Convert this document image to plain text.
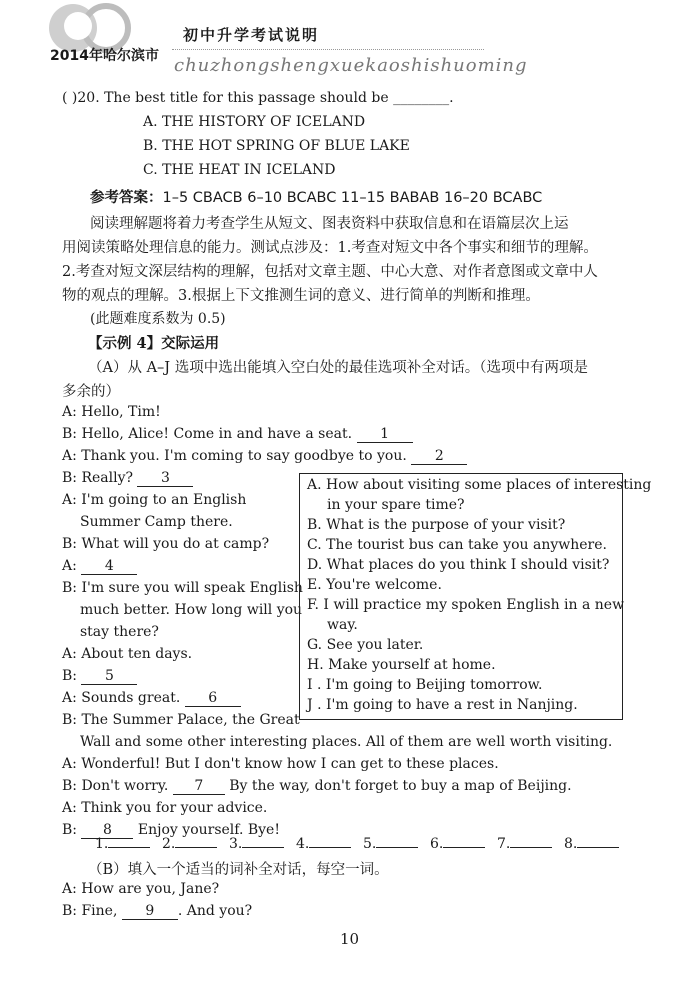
2014年哈尔滨市
初中升学考试说明
chuzhongshengxuekaoshishuoming
( )20. The best title for this passage should be ________.
A. THE HISTORY OF ICELAND
B. THE HOT SPRING OF BLUE LAKE
C. THE HEAT IN ICELAND
参考答案：1–5 CBACB 6–10 BCABC 11–15 BABAB 16–20 BCABC
阅读理解题将着力考查学生从短文、图表资料中获取信息和在语篇层次上运
用阅读策略处理信息的能力。测试点涉及：1.考查对短文中各个事实和细节的理解。
2.考查对短文深层结构的理解，包括对文章主题、中心大意、对作者意图或文章中人
物的观点的理解。3.根据上下文推测生词的意义、进行简单的判断和推理。
(此题难度系数为 0.5)
【示例 4】交际运用
（A）从 A–J 选项中选出能填入空白处的最佳选项补全对话。（选项中有两项是
多余的）
A: Hello, Tim!
B: Hello, Alice! Come in and have a seat. 1
A: Thank you. I'm coming to say goodbye to you. 2
B: Really? 3
A: I'm going to an English
Summer Camp there.
B: What will you do at camp?
A: 4
B: I'm sure you will speak English
much better. How long will you
stay there?
A: About ten days.
B: 5
A: Sounds great. 6
B: The Summer Palace, the Great
Wall and some other interesting places. All of them are well worth visiting.
A: Wonderful! But I don't know how I can get to these places.
B: Don't worry. 7 By the way, don't forget to buy a map of Beijing.
A: Think you for your advice.
B: 8 Enjoy yourself. Bye!
A. How about visiting some places of interesting
in your spare time?
B. What is the purpose of your visit?
C. The tourist bus can take you anywhere.
D. What places do you think I should visit?
E. You're welcome.
F. I will practice my spoken English in a new
way.
G. See you later.
H. Make yourself at home.
I . I'm going to Beijing tomorrow.
J . I'm going to have a rest in Nanjing.
1.	2.	3.	4.	5.	6.	7.	8.
（B）填入一个适当的词补全对话，每空一词。
A: How are you, Jane?
B: Fine, 9 . And you?
10
